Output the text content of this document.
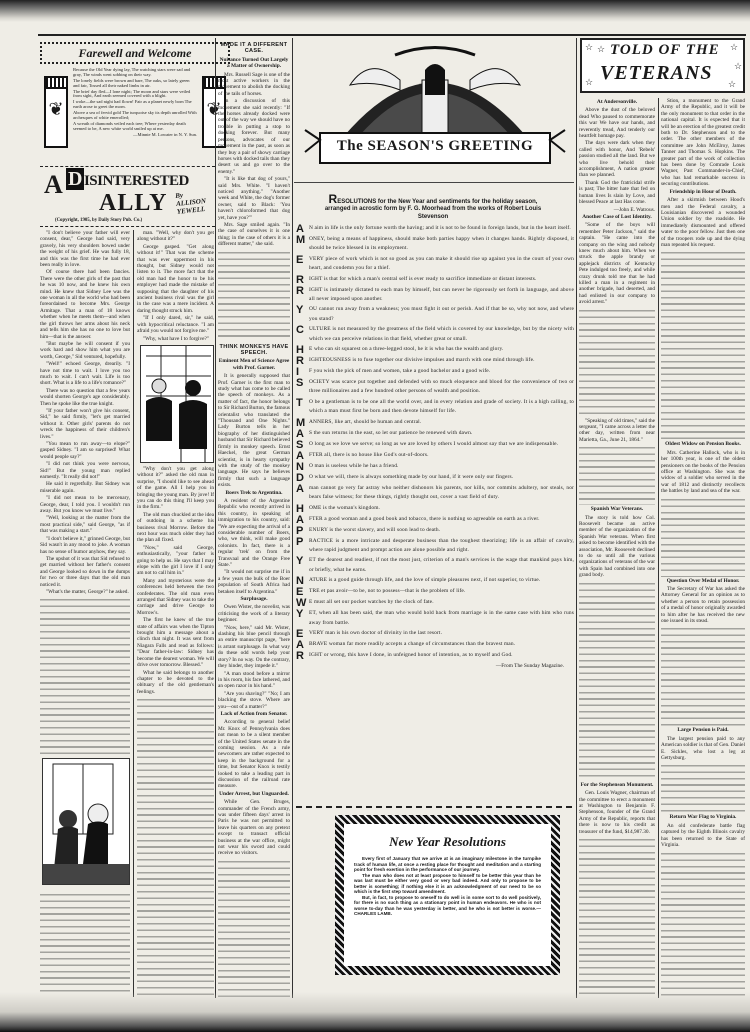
Farewell and Welcome
❦	❦

Because the Old Year dying lay, The watching stars were sad and gray, The winds went sobbing on their way.

The lonely fields were brown and bare, The oaks, so lately green and fair, Tossed all their naked limbs in air.

The brief day fled—I lone night; The moon and stars were veiled from sight, And earth seemed covered with a blight.

I woke—the sad night had flown! Fair as a planet newly born The earth arose to greet the morn.

Above a sea of fervid gold The turquoise sky its depth unrolled With archesques of white emerolled;

A wreath of diamonds veiled each tree; Where yesterday death seemed to be, A new white world smiled up at me.

—Minnie M. Lowater in N. Y. Sun.

A D ISINTERESTED
ALLY By ALLISON YEWELL
(Copyright, 1905, by Daily Story Pub. Co.)

"I don't believe your father will ever consent, dear," George had said, very gravely, his very shoulders bowed under the weight of his grief. He was fully 18, and this was the first time he had ever been really in love.

Of course there had been fancies. There were the other girls of the past that he was 10 now, and he knew his own mind. He knew that Sidney Lee was the one woman in all the world who had been foreordained to become Mrs. George Armitage. That a man of 18 knows whether when he meets them—and when the girl throws her arms about his neck and tells him she has no one to love but him—that is the answer.

"But maybe he will consent if you work hard and show him what you are worth, George," Sid ventured, hopefully.

"Well!" echoed George, drearily. "I have not time to wait. I love you too much to wait. I can't wait. Life is too short. What is a life to a life's romance?"

There was no question that a few years would shorten George's age considerably. Then he spoke like the true knight.

"If your father won't give his consent, Sid," he said firmly, "let's get married without it. Other girls' parents do not wreck the happiness of their children's lives."

"You mean to run away—to elope?" gasped Sidney. "I am so surprised! What would people say?"

"I did not think you were nervous, Sid!" But the young man replied earnestly. "It really did not!"

He said it regretfully. But Sidney was miserable again.

"I did not mean to be mercenary, George, dear, I told you. I wouldn't run away. But you know we must live."

"Well, looking at the matter from the most practical side," said George, "as if that was making a start."

"I don't believe it," grinned George, but Sid wasn't in any mood to joke. A woman has no sense of humor anyhow, they say.

The upshot of it was that Sid refused to get married without her father's consent and George looked so down in the dumps for two or three days that the old man noticed it.

"What's the matter, George?" he asked.

man. "Well, why don't you get along without it?"

George gasped. "Get along without it!" That was the scheme that was ever uppermost in his thought, but Sidney would not listen to it. The more fact that the old man had the honor to be his employer had made the mistake of supposing that the daughter of his ancient business rival was the girl in the case was a mere incident. A daring thought struck him.

"If I only dared, sir," he said, with hypocritical reluctance. "I am afraid you would not forgive me."

"Why, what have I to forgive?"

"Why don't you get along without it?" asked the old man in surprise, "I should like to see ahead of the game. All I help you in bringing the young man. By jove! If you can do this thing I'll keep you in the firm."

The old man chuckled at the idea of outdoing in a scheme his business rival Morrow. Before the next hour was much older they had the plan all fixed.

"Now," said George, enthusiastically, "your father is going to help us. He says that I may elope with the girl I love if I only am not to call him in."

Many and mysterious were the conferences held between the two confederates. The old man even arranged that Sidney was to take the carriage and drive George to Morrow's.

The first he knew of the true state of affairs was when the Tipton brought him a message about a clinch that night. It was sent from Niagara Falls and read as follows: "Dear father-in-law: Sidney has become the dearest woman. We will drive over tomorrow. Blessed."

What he said belongs to another chapter to be devoted to the obituary of the old gentleman's feelings.

MADE IT A DIFFERENT CASE.
Nuisance Turned Out Largely a Matter of Ownership.

Mrs. Russell Sage is one of the most active workers in the movement to abolish the docking of the tails of horses.

In a discussion of this movement she said recently: "If the horses already docked were out of the way we should have no trouble in putting a stop to docking forever. But many persons, advocates of our movement in the past, as soon as they buy a pair of showy carriage horses with docked tails than they desert us and go over to the enemy."

"It is like that dog of yours," said Mrs. White. "I haven't noticed anything." "Another week and White, the dog's former owner, said to Black: 'You haven't chloroformed that dog yet, have you?'"

Mrs. Sage smiled again. "In the case of ourselves it is one thing; in the case of others it is a different matter," she said.

THINK MONKEYS HAVE SPEECH.
Eminent Men of Science Agree with Prof. Garner.

It is generally supposed that Prof. Garner is the first man to study what has come to be called the speech of monkeys. As a matter of fact, the honor belongs to Sir Richard Burton, the famous orientalist who translated the "Thousand and One Nights." Lady Burton tells in her biography of her distinguished husband that Sir Richard believed firmly in monkey speech. Ernst Haeckel, the great German scientist, is in hearty sympathy with the study of the monkey language. He says he believes firmly that such a language exists.

Boers Trek to Argentina.

A resident of the Argentine Republic who recently arrived in this country, in speaking of immigration to his country, said: "We are expecting the arrival of a considerable number of Boers, who, we think, will make good colonists. In fact, there is a regular 'trek' on from the Transvaal and the Orange Free State."

"It would not surprise me if in a few years the bulk of the Boer population of South Africa had betaken itself to Argentina."

Surplusage.

Owen Wister, the novelist, was criticising the work of a literary beginner.

"Now, here," said Mr. Wister, slashing his blue pencil through an entire manuscript page, "here is arrant surplusage. In what way do these odd words help your story? In no way. On the contrary, they hinder, they impede it."

"A man stood before a mirror in his room, his face lathered, and an open razor in his hand."

"Are you shaving?" "No; I am blacking the stove. Where are you—out of a matter?"

Lack of Action from Senator.

According to general belief Mr. Knox of Pennsylvania does not mean to be a silent member of the United States senate in the coming session. As a rule newcomers are rather expected to keep in the background for a time, but Senator Knox is testily looked to take a leading part in discussion of the railroad rate measure.

Under Arrest, but Unguarded.

While Gen. Bruges, commander of the French army, was under fifteen days' arrest in Paris he was not permitted to leave his quarters on any pretext except to transact official business at the war office, might not wear his sword and could receive no visitors.

The SEASON'S GREETING
RESOLUTIONS for the New Year and sentiments for the holiday season, arranged in acrostic form by F. G. Moorhead from the works of Robert Louis Stevenson
A N aim in life is the only fortune worth the having; and it is not to be found in foreign lands, but in the heart itself.
M ONEY, being a means of happiness, should make both parties happy when it changes hands. Rightly disposed, it should be twice blessed in its employment.
E	VERY piece of work which is not so good as you can make it should rise up against you in the court of your own heart, and condemn you for a thief.
R IGHT is that for which a man's central self is ever ready to sacrifice immediate or distant interests.
R IGHT is intimately dictated to each man by himself, but can never be rigorously set forth in language, and above all never imposed upon another.
Y	OU cannot run away from a weakness; you must fight it out or perish. And if that be so, why not now, and where you stand?
C ULTURE is not measured by the greatness of the field which is covered by our knowledge, but by the nicety with which we can perceive relations in that field, whether great or small.
H E who can sit squarest on a three-legged stool, he it is who has the wealth and glory.
R IGHTEOUSNESS is to fuse together our divisive impulses and march with one mind through life.
I	F you wish the pick of men and women, take a good bachelor and a good wife.
S	OCIETY was scarce put together and defended with so much eloquence and blood for the convenience of two or three millionaires and a few hundred other persons of wealth and position.
T	O be a gentleman is to be one all the world over, and in every relation and grade of society. It is a high calling, to which a man must first be born and then devote himself for life.
M ANNERS, like art, should be human and central.
A S the sun returns in the east, so let our patience be renewed with dawn.
S	O long as we love we serve; so long as we are loved by others I would almost say that we are indispensable.
A FTER all, there is no house like God's out-of-doors.
N O man is useless while he has a friend.
D O what we will, there is always something made by our hand, if it were only our fingers.
A man cannot go very far astray who neither dishonors his parents, nor kills, nor commits adultery, nor steals, nor bears false witness; for these things, rightly thought out, cover a vast field of duty.
H OME is the woman's kingdom.
A FTER a good woman and a good book and tobacco, there is nothing so agreeable on earth as a river.
P	ENURY is the worst slavery, and will soon lead to death.
P	RACTICE is a more intricate and desperate business than the toughest theorizing; life is an affair of cavalry, where rapid judgment and prompt action are alone possible and right.
Y	ET the dearest and readiest, if not the most just, criterion of a man's services is the wage that mankind pays him, or briefly, what he earns.
N ATURE is a good guide through life, and the love of simple pleasures next, if not superior, to virtue.
E	TRE et pas avoir—to be, not to possess—that is the problem of life.
W E must all set our pocket watches by the clock of fate.
Y	ET, when all has been said, the man who would hold back from marriage is in the same case with him who runs away from battle.
E	VERY man is his own doctor of divinity in the last resort.
A BRAVE woman far more readily accepts a change of circumstances than the bravest man.
R IGHT or wrong, this have I done, in unfeigned honor of intention, as to myself and God.
—From The Sunday Magazine.
New Year Resolutions

Every first of January that we arrive at is an imaginary milestone in the turnpike track of human life, at once a resting place for thought and meditation and a starting point for fresh exertion in the performance of our journey.

The man who does not at least propose to himself to be better this year than he was last must be either very good or very bad indeed. And only to propose to be better is something; if nothing else it is an acknowledgment of our need to be so which is the first step toward amendment.

But, in fact, to propose to oneself to do well is in some sort to do well positively, for there is no such thing as a stationary point in human endeavors. He who is not worse to-day than he was yesterday is better, and he who is not better is worse.—CHARLES LAMB.

TOLD OF THE
VETERANS
☆ ☆
☆
☆
☆
☆
At Andersonville.

Above the dust of the beloved dead Who paused to commemorate this war We have our hands, and reverently tread, And tenderly our heartfelt homage pay.

The days were dark when they called with honor, And 'Rebels' passion studied all the land. But we who live behold their accomplishment, A nation greater than we planned.

Thank God the fratricidal strife is past; The bitter hate that fed on human lives Is slain by Love, and blessed Peace at last Has come.

—John E. Watrous.

Another Case of Lost Identity.

"Some of the boys will remember Peter Jackson," said the captain. "He came into the company on the wing and nobody knew much about him. When we struck the apple brandy or applejack districts of Kentucky Pete indulged too freely, and while crazy drunk told me that he had killed a man in a regiment in another brigade, had deserted, and had enlisted in our company to avoid arrest."

"Speaking of old times," said the sergeant, "I came across a letter the other day, written from near Marietta, Ga., June 21, 1864."

Spanish War Veterans.

The story is told how Col. Roosevelt became an active member of the organization of the Spanish War veterans. When first asked to become identified with the association, Mr. Roosevelt declined to do so until all the various organizations of veterans of the war with Spain had combined into one grand body.

For the Stephenson Monument.

Gen. Louis Wagner, chairman of the committee to erect a monument at Washington to Benjamin F. Stephenson, founder of the Grand Army of the Republic, reports that there is now to his credit as treasurer of the fund, $14,987.30.

Stion, a monument to the Grand Army of the Republic, and it will be the only monument to that order in the national capital. It is expected that it will be an erection of the greatest credit both to Dr. Stephenson and to the order. The other members of the committee are John McElroy, James Tanner and Thomas S. Hopkins. The greater part of the work of collection has been done by Comrade Louis Wagner, Past Commander-in-Chief, who has had remarkable success in securing contributions.

Friendship in Hour of Death.

After a skirmish between Hood's men and the Federal cavalry, a Louisianian discovered a wounded Union soldier by the roadside. He immediately dismounted and offered water to the poor fellow. Just then one of the troopers rode up and the dying man repeated his request.

Oldest Widow on Pension Books.

Mrs. Catherine Hallock, who is in her 100th year, is one of the oldest pensioners on the books of the Pension office at Washington. She was the widow of a soldier who served in the war of 1812 and distinctly recollects the battles by land and sea of the war.

Question Over Medal of Honor.

The Secretary of War has asked the Attorney General for an opinion as to whether a person to retain possession of a medal of honor originally awarded to him after he has received the new one issued in its stead.

Large Pension is Paid.

The largest pension paid to any American soldier is that of Gen. Daniel E. Sickles, who lost a leg at Gettysburg.

Return War Flag to Virginia.

An old confederate battle flag captured by the Eighth Illinois cavalry has been returned to the State of Virginia.
